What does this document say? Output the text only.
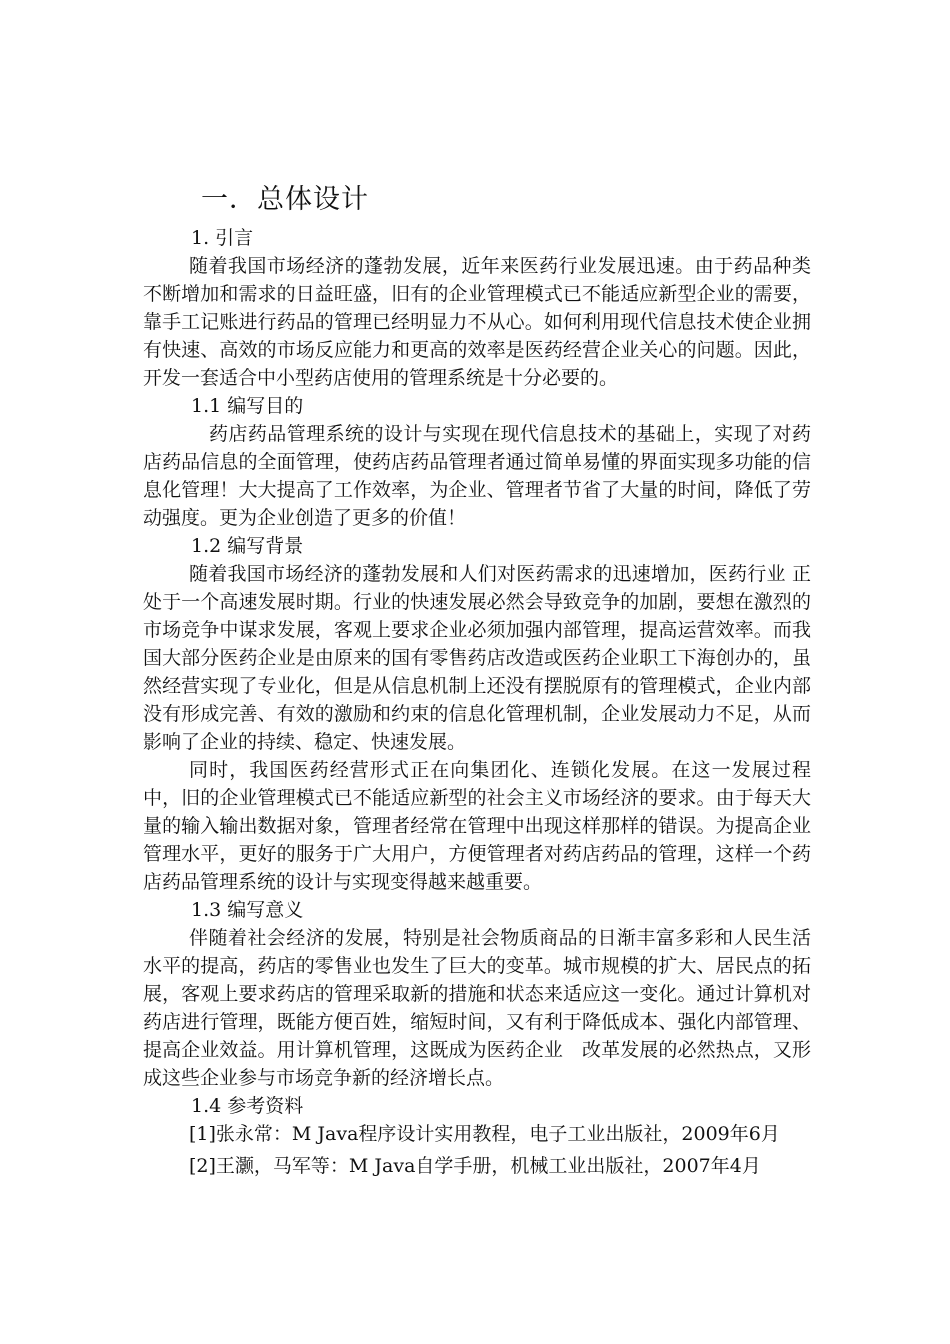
一．总体设计
1. 引言

随着我国市场经济的蓬勃发展，近年来医药行业发展迅速。由于药品种类不断增加和需求的日益旺盛，旧有的企业管理模式已不能适应新型企业的需要，靠手工记账进行药品的管理已经明显力不从心。如何利用现代信息技术使企业拥有快速、高效的市场反应能力和更高的效率是医药经营企业关心的问题。因此，开发一套适合中小型药店使用的管理系统是十分必要的。

1.1 编写目的

药店药品管理系统的设计与实现在现代信息技术的基础上，实现了对药店药品信息的全面管理，使药店药品管理者通过简单易懂的界面实现多功能的信息化管理！大大提高了工作效率，为企业、管理者节省了大量的时间，降低了劳动强度。更为企业创造了更多的价值！

1.2 编写背景

随着我国市场经济的蓬勃发展和人们对医药需求的迅速增加，医药行业 正处于一个高速发展时期。行业的快速发展必然会导致竞争的加剧，要想在激烈的市场竞争中谋求发展，客观上要求企业必须加强内部管理，提高运营效率。而我国大部分医药企业是由原来的国有零售药店改造或医药企业职工下海创办的，虽然经营实现了专业化，但是从信息机制上还没有摆脱原有的管理模式，企业内部没有形成完善、有效的激励和约束的信息化管理机制，企业发展动力不足，从而影响了企业的持续、稳定、快速发展。

同时，我国医药经营形式正在向集团化、连锁化发展。在这一发展过程中，旧的企业管理模式已不能适应新型的社会主义市场经济的要求。由于每天大量的输入输出数据对象，管理者经常在管理中出现这样那样的错误。为提高企业管理水平，更好的服务于广大用户，方便管理者对药店药品的管理，这样一个药店药品管理系统的设计与实现变得越来越重要。

1.3 编写意义

伴随着社会经济的发展，特别是社会物质商品的日渐丰富多彩和人民生活水平的提高，药店的零售业也发生了巨大的变革。城市规模的扩大、居民点的拓展，客观上要求药店的管理采取新的措施和状态来适应这一变化。通过计算机对药店进行管理，既能方便百姓，缩短时间，又有利于降低成本、强化内部管理、提高企业效益。用计算机管理，这既成为医药企业　改革发展的必然热点，又形成这些企业参与市场竞争新的经济增长点。

1.4 参考资料

[1]张永常：M Java程序设计实用教程，电子工业出版社，2009年6月

[2]王灏，马军等：M Java自学手册，机械工业出版社，2007年4月
